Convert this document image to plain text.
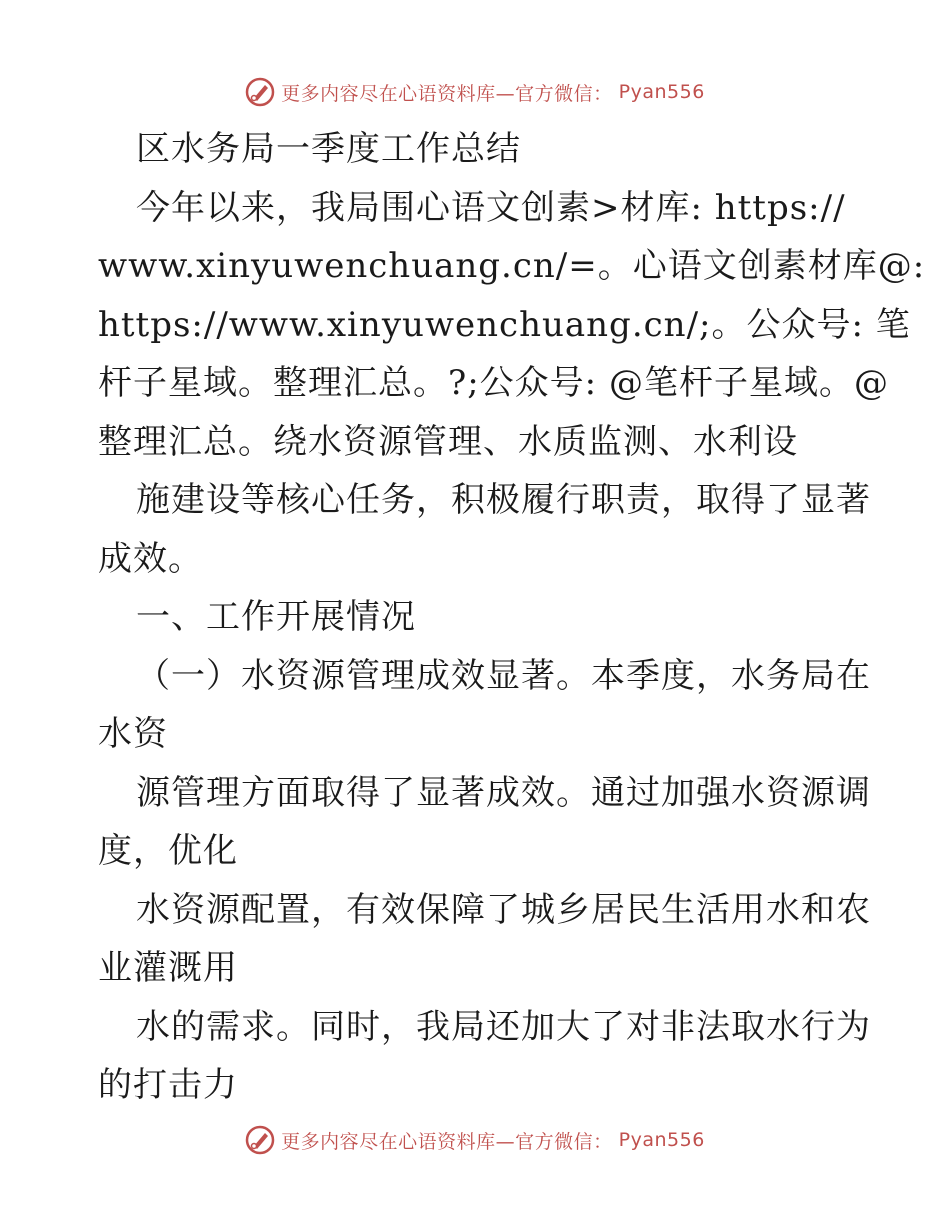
更多内容尽在心语资料库—官方微信： Pyan556
区水务局一季度工作总结
今年以来，我局围心语文创素>材库: https://
www.xinyuwenchuang.cn/=。心语文创素材库@:
https://www.xinyuwenchuang.cn/;。公众号: 笔
杆子星域。整理汇总。?;公众号: @笔杆子星域。@
整理汇总。绕水资源管理、水质监测、水利设
施建设等核心任务，积极履行职责，取得了显著
成效。
一、工作开展情况
（一）水资源管理成效显著。本季度，水务局在
水资
源管理方面取得了显著成效。通过加强水资源调
度，优化
水资源配置，有效保障了城乡居民生活用水和农
业灌溉用
水的需求。同时，我局还加大了对非法取水行为
的打击力
更多内容尽在心语资料库—官方微信： Pyan556
